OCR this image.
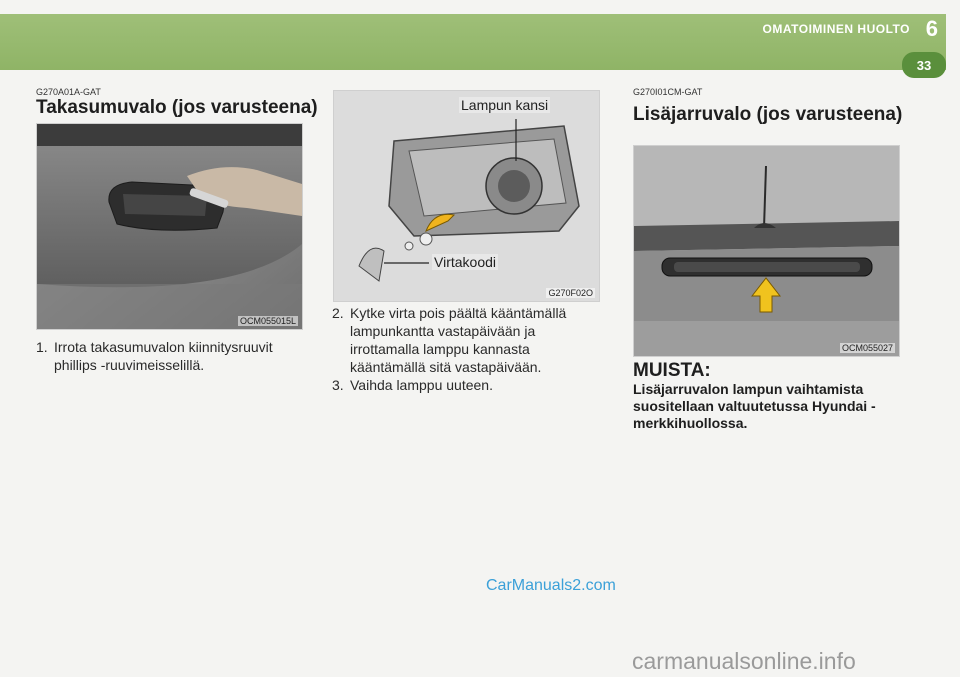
OMATOIMINEN HUOLTO 6
33
G270A01A-GAT
Takasumuvalo (jos varusteena)
OCM055015L
1. Irrota takasumuvalon kiinnitysruuvit phillips -ruuvimeisselillä.
Lampun kansi
Virtakoodi
G270F02O
2. Kytke virta pois päältä kääntämällä lampunkantta vastapäivään ja irrottamalla lamppu kannasta kääntämällä sitä vastapäivään.
3. Vaihda lamppu uuteen.
G270I01CM-GAT
Lisäjarruvalo (jos varusteena)
OCM055027
MUISTA:
Lisäjarruvalon lampun vaihtamista suositellaan valtuutetussa Hyundai -merkkihuollossa.
CarManuals2.com
carmanualsonline.info
